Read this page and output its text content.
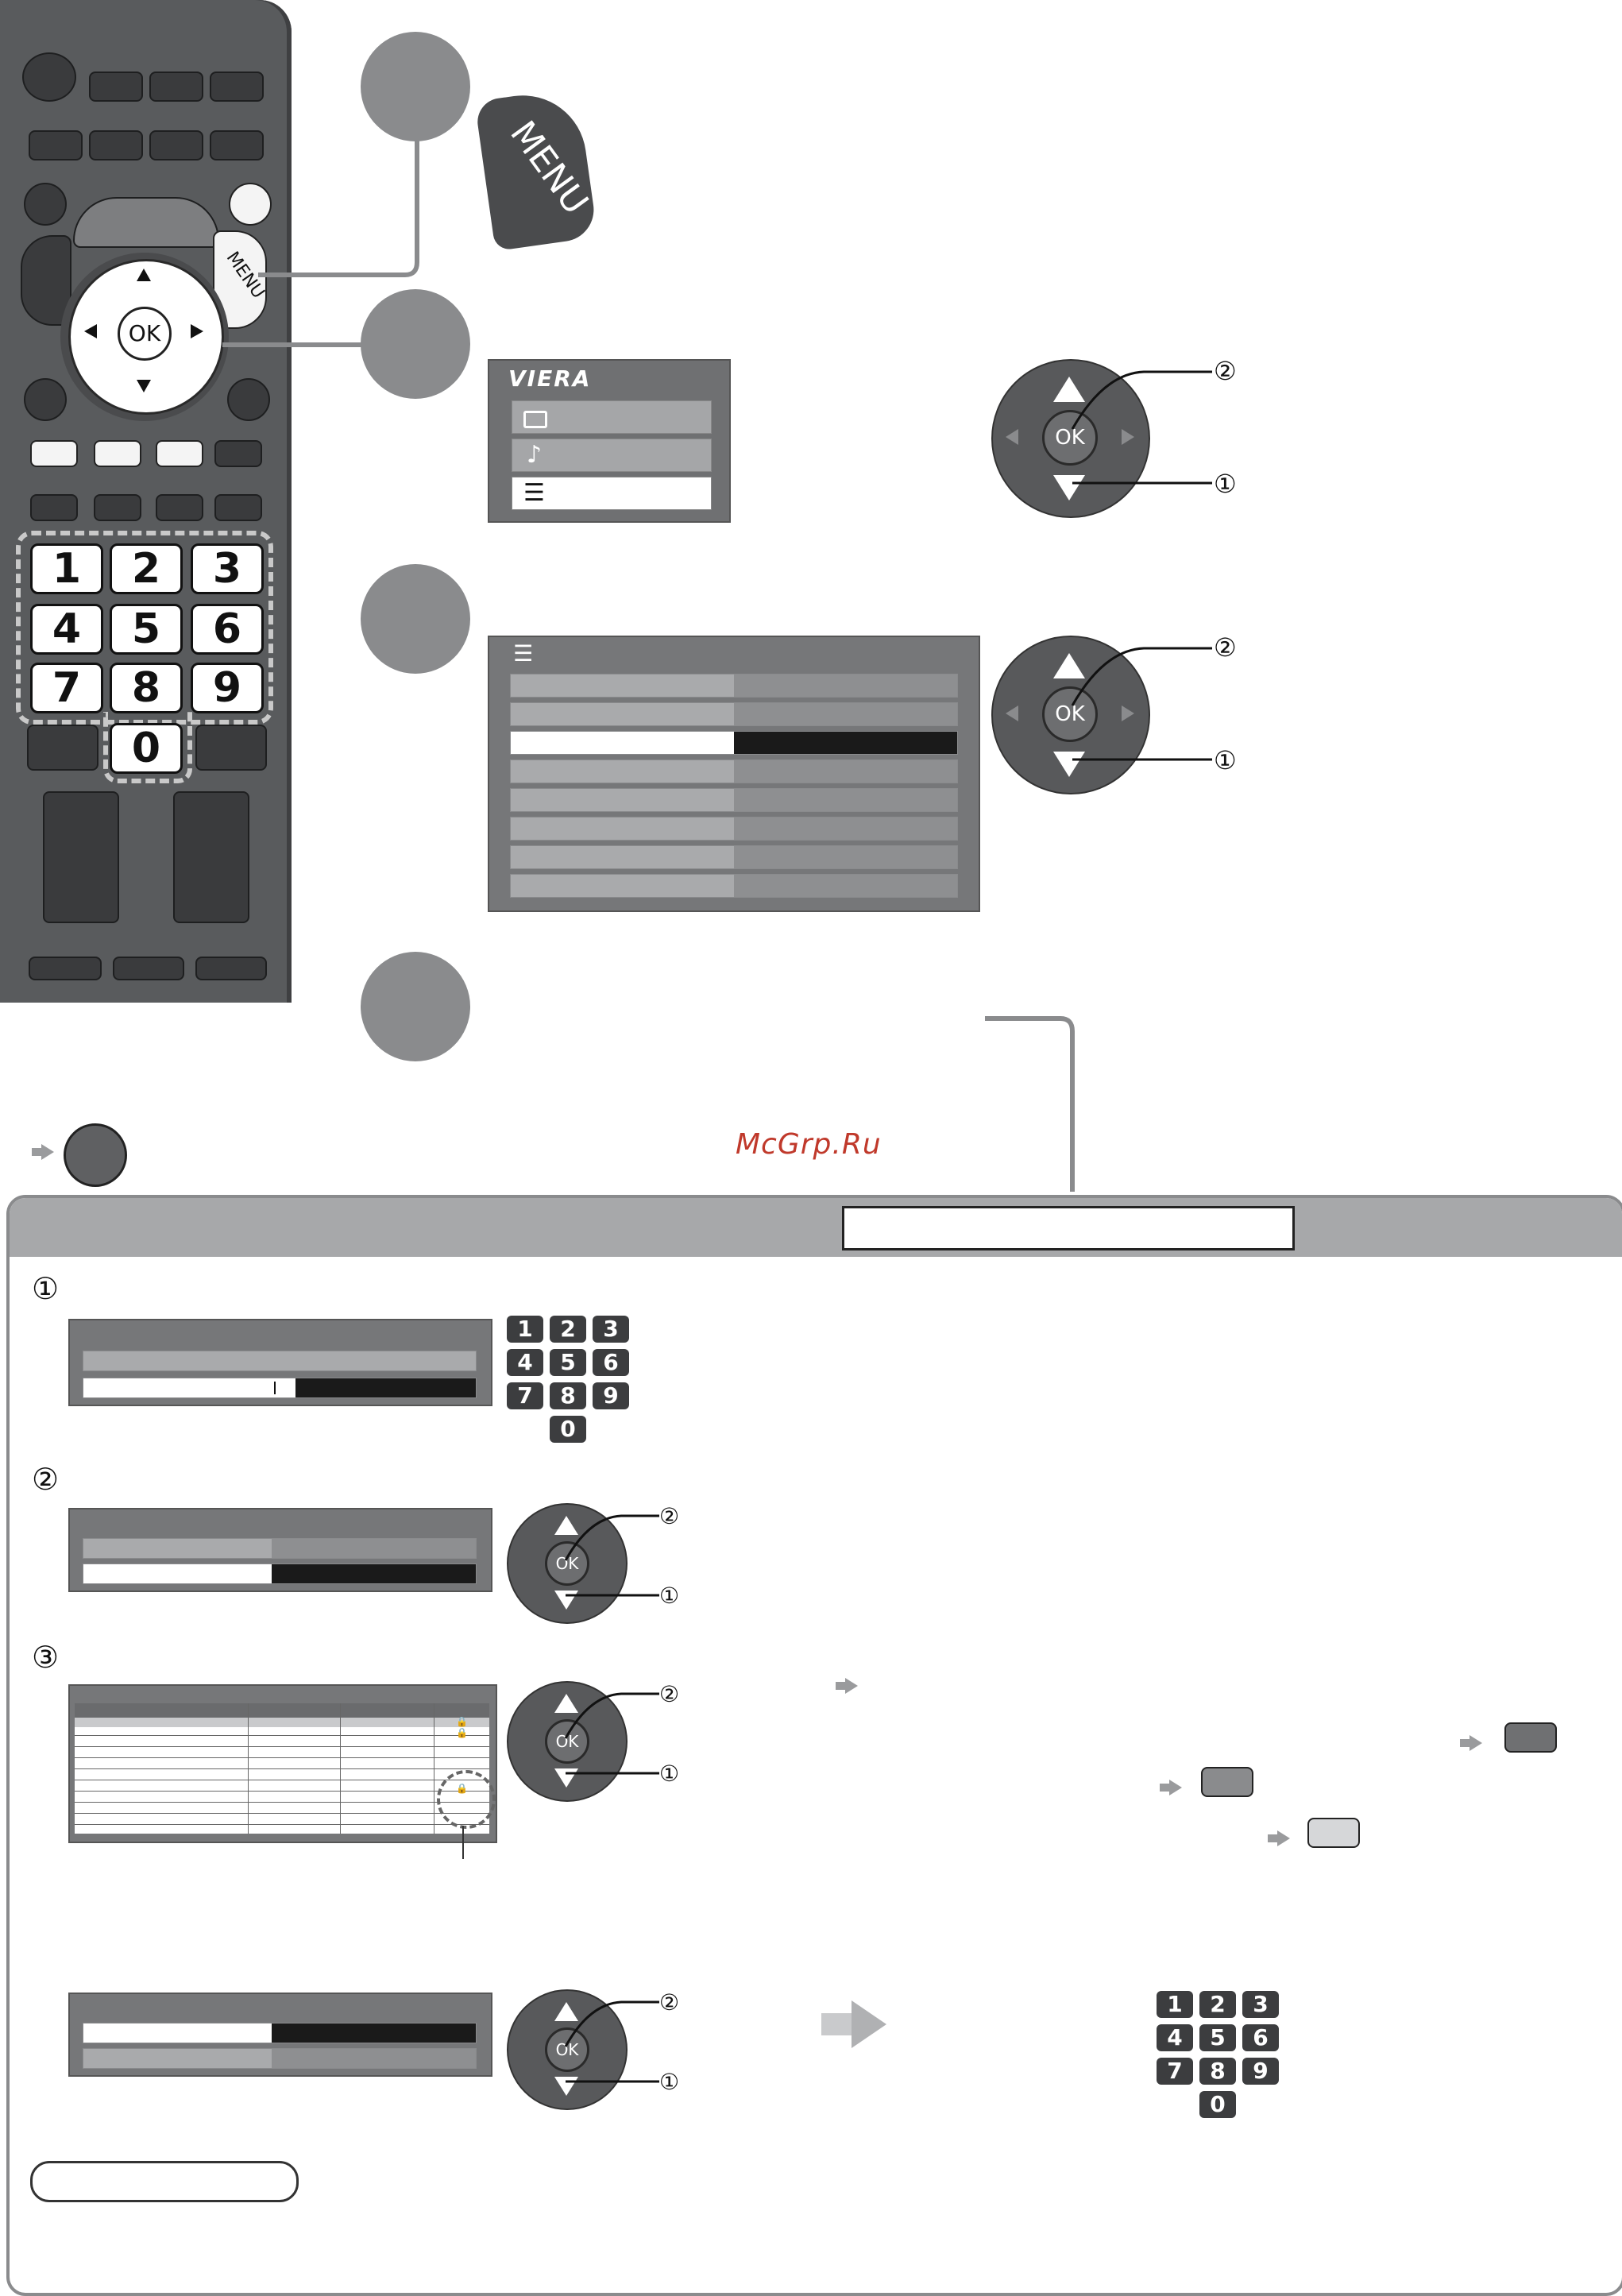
MENU
OK
1	2	3
4	5	6
7	8	9
0
MENU
VIERA
♪
☰
☰
OK
②
①
OK
②
①
McGrp.Ru
①
1	2	3
4	5	6
7	8	9
0
②
OK
②
①
③
🔒
🔒
🔒
OK
②
①
OK
②
①
1	2	3
4	5	6
7	8	9
0
